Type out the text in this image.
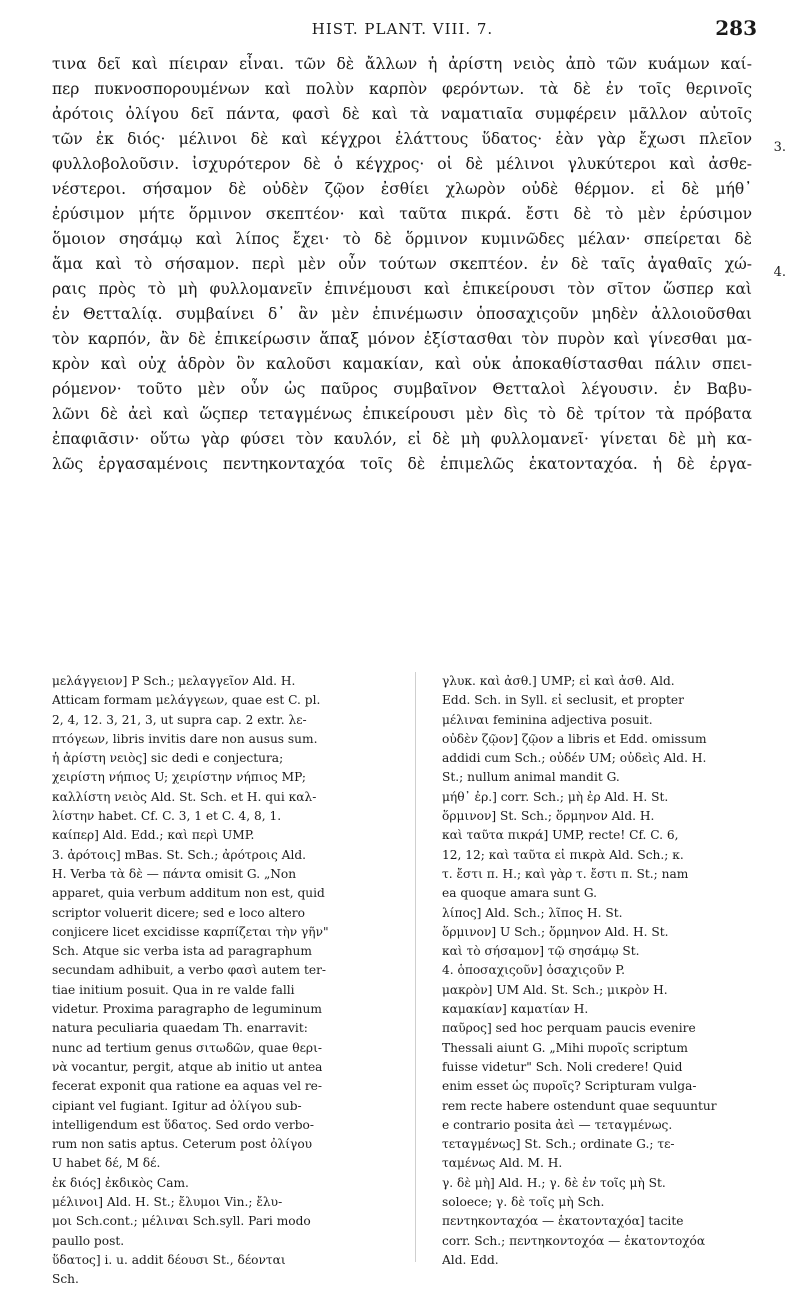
HIST. PLANT. VIII. 7.	283
τινα δεῖ καὶ πίειραν εἶναι. τῶν δὲ ἄλλων ἡ ἀρίστη νειὸς ἀπὸ τῶν κυάμων καί-
περ πυκνοσπορουμένων καὶ πολὺν καρπὸν φερόντων. τὰ δὲ ἐν τοῖς θερινοῖς
ἀρότοις ὀλίγου δεῖ πάντα, φασὶ δὲ καὶ τὰ ναματιαῖα συμφέρειν μᾶλλον αὐτοῖς
τῶν ἐκ διός· μέλινοι δὲ καὶ κέγχροι ἐλάττους ὕδατος· ἐὰν γὰρ ἔχωσι πλεῖον
φυλλοβολοῦσιν. ἰσχυρότερον δὲ ὁ κέγχρος· οἱ δὲ μέλινοι γλυκύτεροι καὶ ἀσθε-
νέστεροι. σήσαμον δὲ οὐδὲν ζῷον ἐσθίει χλωρὸν οὐδὲ θέρμον. εἰ δὲ μήθ᾽
ἐρύσιμον μήτε ὅρμινον σκεπτέον· καὶ ταῦτα πικρά. ἔστι δὲ τὸ μὲν ἐρύσιμον
ὅμοιον σησάμῳ καὶ λίπος ἔχει· τὸ δὲ ὅρμινον κυμινῶδες μέλαν· σπείρεται δὲ
ἅμα καὶ τὸ σήσαμον. περὶ μὲν οὖν τούτων σκεπτέον. ἐν δὲ ταῖς ἀγαθαῖς χώ-
ραις πρὸς τὸ μὴ φυλλομανεῖν ἐπινέμουσι καὶ ἐπικείρουσι τὸν σῖτον ὥσπερ καὶ
ἐν Θετταλίᾳ. συμβαίνει δ᾽ ἂν μὲν ἐπινέμωσιν ὁποσαχιςοῦν μηδὲν ἀλλοιοῦσθαι
τὸν καρπόν, ἂν δὲ ἐπικείρωσιν ἅπαξ μόνον ἐξίστασθαι τὸν πυρὸν καὶ γίνεσθαι μα-
κρὸν καὶ οὐχ ἁδρὸν ὃν καλοῦσι καμακίαν, καὶ οὐκ ἀποκαθίστασθαι πάλιν σπει-
ρόμενον· τοῦτο μὲν οὖν ὡς παῦρος συμβαῖνον Θετταλοὶ λέγουσιν. ἐν Βαβυ-
λῶνι δὲ ἀεὶ καὶ ὥςπερ τεταγμένως ἐπικείρουσι μὲν δὶς τὸ δὲ τρίτον τὰ πρόβατα
ἐπαφιᾶσιν· οὕτω γὰρ φύσει τὸν καυλόν, εἰ δὲ μὴ φυλλομανεῖ· γίνεται δὲ μὴ κα-
λῶς ἐργασαμένοις πεντηκονταχόα τοῖς δὲ ἐπιμελῶς ἑκατονταχόα. ἡ δὲ ἐργα-
3.
4.
μελάγγειον] P Sch.; μελαγγεῖον Ald. H.
Atticam formam μελάγγεων, quae est C. pl.
2, 4, 12. 3, 21, 3, ut supra cap. 2 extr. λε-
πτόγεων, libris invitis dare non ausus sum.
ἡ ἀρίστη νειὸς] sic dedi e conjectura;
χειρίστη νήπιος U; χειρίστην νήπιος MP;
καλλίστη νειὸς Ald. St. Sch. et H. qui καλ-
λίστην habet. Cf. C. 3, 1 et C. 4, 8, 1.
καίπερ] Ald. Edd.; καὶ περὶ UMP.
3. ἀρότοις] mBas. St. Sch.; ἀρότροις Ald.
H. Verba τὰ δὲ — πάντα omisit G. „Non
apparet, quia verbum additum non est, quid
scriptor voluerit dicere; sed e loco altero
conjicere licet excidisse καρπίζεται τὴν γῆν"
Sch. Atque sic verba ista ad paragraphum
secundam adhibuit, a verbo φασὶ autem ter-
tiae initium posuit. Qua in re valde falli
videtur. Proxima paragrapho de leguminum
natura peculiaria quaedam Th. enarravit:
nunc ad tertium genus σιτωδῶν, quae θερι-
νὰ vocantur, pergit, atque ab initio ut antea
fecerat exponit qua ratione ea aquas vel re-
cipiant vel fugiant. Igitur ad ὀλίγου sub-
intelligendum est ὕδατος. Sed ordo verbo-
rum non satis aptus. Ceterum post ὀλίγου
U habet δέ, M δέ.
ἐκ διός] ἐκδικὸς Cam.
μέλινοι] Ald. H. St.; ἔλυμοι Vin.; ἔλυ-
μοι Sch.cont.; μέλιναι Sch.syll. Pari modo
paullo post.
ὕδατος] i. u. addit δέουσι St., δέονται
Sch.
γλυκ. καὶ ἀσθ.] UMP; εἰ καὶ ἀσθ. Ald.
Edd. Sch. in Syll. εἰ seclusit, et propter
μέλιναι feminina adjectiva posuit.
οὐδὲν ζῷον] ζῷον a libris et Edd. omissum
addidi cum Sch.; οὐδέν UM; οὐδεὶς Ald. H.
St.; nullum animal mandit G.
μήθ᾽ ἐρ.] corr. Sch.; μὴ ἐρ Ald. H. St.
ὅρμινον] St. Sch.; ὅρμηνον Ald. H.
καὶ ταῦτα πικρά] UMP, recte! Cf. C. 6,
12, 12; καὶ ταῦτα εἰ πικρὰ Ald. Sch.; κ.
τ. ἔστι π. H.; καὶ γὰρ τ. ἔστι π. St.; nam
ea quoque amara sunt G.
λίπος] Ald. Sch.; λῖπος H. St.
ὅρμινον] U Sch.; ὅρμηνον Ald. H. St.
καὶ τὸ σήσαμον] τῷ σησάμῳ St.
4. ὁποσαχιςοῦν] ὁσαχιςοῦν P.
μακρὸν] UM Ald. St. Sch.; μικρὸν H.
καμακίαν] καματίαν H.
παῦρος] sed hoc perquam paucis evenire
Thessali aiunt G. „Mihi πυροῖς scriptum
fuisse videtur" Sch. Noli credere! Quid
enim esset ὡς πυροῖς? Scripturam vulga-
rem recte habere ostendunt quae sequuntur
e contrario posita ἀεὶ — τεταγμένως.
τεταγμένως] St. Sch.; ordinate G.; τε-
ταμένως Ald. M. H.
γ. δὲ μὴ] Ald. H.; γ. δὲ ἐν τοῖς μὴ St.
soloece; γ. δὲ τοῖς μὴ Sch.
πεντηκονταχόα — ἑκατονταχόα] tacite
corr. Sch.; πεντηκοντοχόα — ἑκατοντοχόα
Ald. Edd.
